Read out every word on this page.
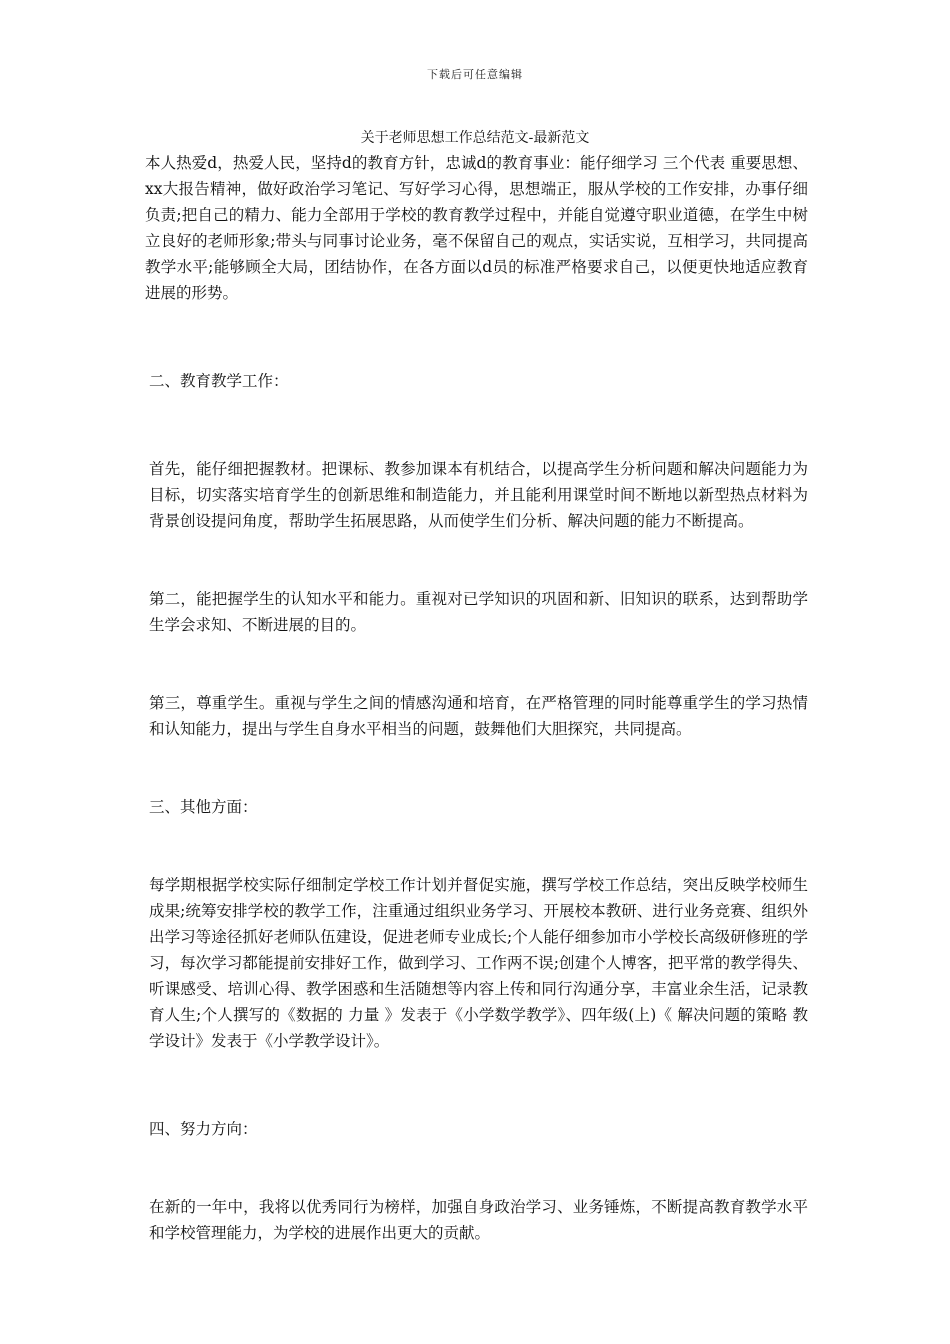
下载后可任意编辑
关于老师思想工作总结范文-最新范文

本人热爱d，热爱人民，坚持d的教育方针，忠诚d的教育事业：能仔细学习 三个代表 重要思想、xx大报告精神，做好政治学习笔记、写好学习心得，思想端正，服从学校的工作安排，办事仔细负责;把自己的精力、能力全部用于学校的教育教学过程中，并能自觉遵守职业道德，在学生中树立良好的老师形象;带头与同事讨论业务，毫不保留自己的观点，实话实说，互相学习，共同提高教学水平;能够顾全大局，团结协作，在各方面以d员的标准严格要求自己，以便更快地适应教育进展的形势。

二、教育教学工作：

首先，能仔细把握教材。把课标、教参加课本有机结合，以提高学生分析问题和解决问题能力为目标，切实落实培育学生的创新思维和制造能力，并且能利用课堂时间不断地以新型热点材料为背景创设提问角度，帮助学生拓展思路，从而使学生们分析、解决问题的能力不断提高。

第二，能把握学生的认知水平和能力。重视对已学知识的巩固和新、旧知识的联系，达到帮助学生学会求知、不断进展的目的。

第三，尊重学生。重视与学生之间的情感沟通和培育，在严格管理的同时能尊重学生的学习热情和认知能力，提出与学生自身水平相当的问题，鼓舞他们大胆探究，共同提高。

三、其他方面：

每学期根据学校实际仔细制定学校工作计划并督促实施，撰写学校工作总结，突出反映学校师生成果;统筹安排学校的教学工作，注重通过组织业务学习、开展校本教研、进行业务竞赛、组织外出学习等途径抓好老师队伍建设，促进老师专业成长;个人能仔细参加市小学校长高级研修班的学习，每次学习都能提前安排好工作，做到学习、工作两不误;创建个人博客，把平常的教学得失、听课感受、培训心得、教学困惑和生活随想等内容上传和同行沟通分享，丰富业余生活，记录教育人生;个人撰写的《数据的 力量 》发表于《小学数学教学》、四年级(上)《 解决问题的策略 教学设计》发表于《小学教学设计》。

四、努力方向：

在新的一年中，我将以优秀同行为榜样，加强自身政治学习、业务锤炼，不断提高教育教学水平和学校管理能力，为学校的进展作出更大的贡献。
